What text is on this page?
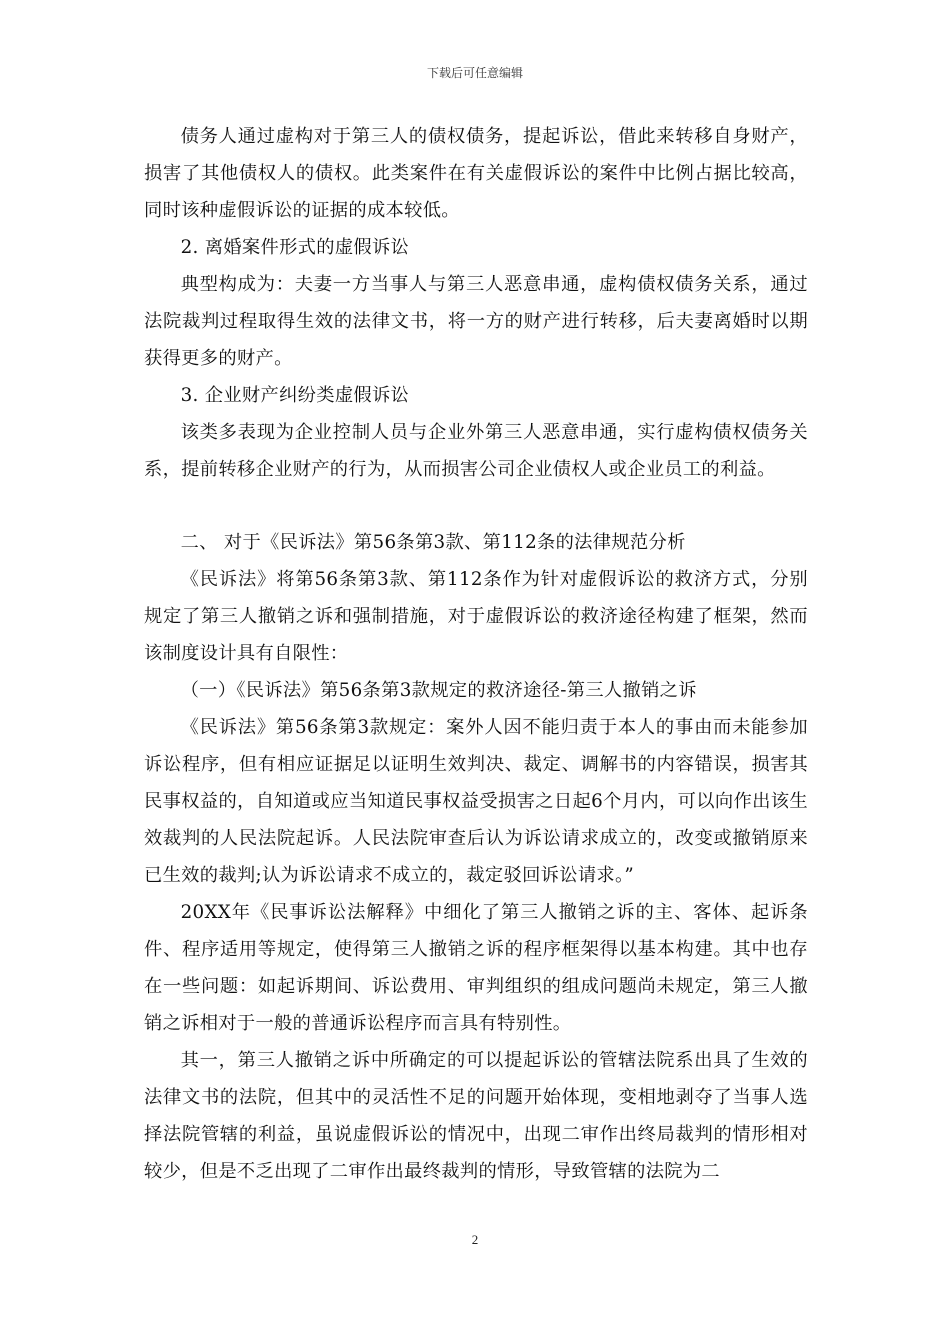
下载后可任意编辑

债务人通过虚构对于第三人的债权债务，提起诉讼，借此来转移自身财产，损害了其他债权人的债权。此类案件在有关虚假诉讼的案件中比例占据比较高，同时该种虚假诉讼的证据的成本较低。

2. 离婚案件形式的虚假诉讼

典型构成为：夫妻一方当事人与第三人恶意串通，虚构债权债务关系，通过法院裁判过程取得生效的法律文书，将一方的财产进行转移，后夫妻离婚时以期获得更多的财产。

3. 企业财产纠纷类虚假诉讼

该类多表现为企业控制人员与企业外第三人恶意串通，实行虚构债权债务关系，提前转移企业财产的行为，从而损害公司企业债权人或企业员工的利益。

二、 对于《民诉法》第56条第3款、第112条的法律规范分析

《民诉法》将第56条第3款、第112条作为针对虚假诉讼的救济方式，分别规定了第三人撤销之诉和强制措施，对于虚假诉讼的救济途径构建了框架，然而该制度设计具有自限性：

（一）《民诉法》第56条第3款规定的救济途径-第三人撤销之诉

《民诉法》第56条第3款规定：案外人因不能归责于本人的事由而未能参加诉讼程序，但有相应证据足以证明生效判决、裁定、调解书的内容错误，损害其民事权益的，自知道或应当知道民事权益受损害之日起6个月内，可以向作出该生效裁判的人民法院起诉。人民法院审查后认为诉讼请求成立的，改变或撤销原来已生效的裁判;认为诉讼请求不成立的，裁定驳回诉讼请求。”

20XX年《民事诉讼法解释》中细化了第三人撤销之诉的主、客体、起诉条件、程序适用等规定，使得第三人撤销之诉的程序框架得以基本构建。其中也存在一些问题：如起诉期间、诉讼费用、审判组织的组成问题尚未规定，第三人撤销之诉相对于一般的普通诉讼程序而言具有特别性。

其一，第三人撤销之诉中所确定的可以提起诉讼的管辖法院系出具了生效的法律文书的法院，但其中的灵活性不足的问题开始体现，变相地剥夺了当事人选择法院管辖的利益，虽说虚假诉讼的情况中，出现二审作出终局裁判的情形相对较少，但是不乏出现了二审作出最终裁判的情形，导致管辖的法院为二

2
